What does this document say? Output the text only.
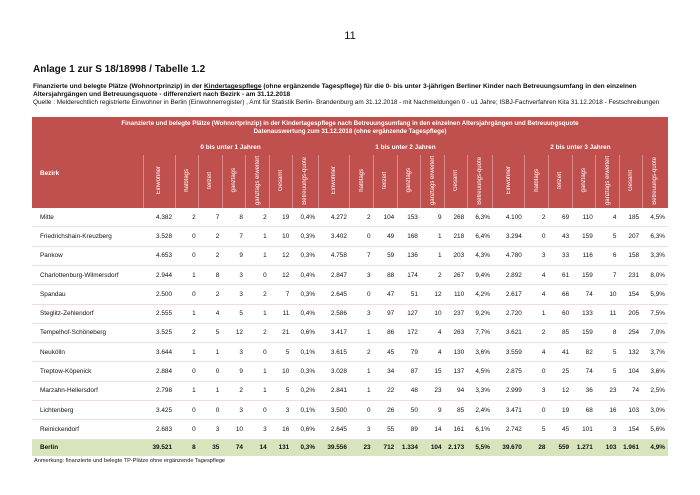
11
Anlage 1 zur S 18/18998 / Tabelle 1.2
Finanzierte und belegte Plätze (Wohnortprinzip) in der Kindertagespflege (ohne ergänzende Tagespflege) für die 0- bis unter 3-jährigen Berliner Kinder nach Betreuungsumfang in den einzelnen Altersjahrgängen und Betreuungsquote - differenziert nach Bezirk - am 31.12.2018
Quelle : Melderechtlich registrierte Einwohner in Berlin (Einwohnerregister) , Amt für Statistik Berlin- Brandenburg am 31.12.2018 - mit Nachmeldungen 0 - u1 Jahre; ISBJ-Fachverfahren Kita 31.12.2018 - Festschreibungen
Finanzierte und belegte Plätze (Wohnortprinzip) in der Kindertagespflege nach Betreuungsumfang in den einzelnen Altersjahrgängen und Betreuungsquote
Datenauswertung zum 31.12.2018 (ohne ergänzende Tagespflege)
Bezirk	0 bis unter 1 Jahren							1 bis unter 2 Jahren							2 bis unter 3 Jahren						
	Einwohner	halbtags	teilzeit	ganztags	ganztags erweitert	Gesamt	Betreuungs-quote	Einwohner	halbtags	teilzeit	ganztags	ganztags erweitert	Gesamt	Betreuungs-quote	Einwohner	halbtags	teilzeit	ganztags	ganztags erweitert	Gesamt	Betreuungs-quote
Mitte	4.382	2	7	8	2	19	0,4%	4.272	2	104	153	9	268	6,3%	4.100	2	69	110	4	185	4,5%
Friedrichshain-Kreuzberg	3.528	0	2	7	1	10	0,3%	3.402	0	49	168	1	218	6,4%	3.294	0	43	159	5	207	6,3%
Pankow	4.653	0	2	9	1	12	0,3%	4.758	7	59	136	1	203	4,3%	4.780	3	33	116	6	158	3,3%
Charlottenburg-Wilmersdorf	2.944	1	8	3	0	12	0,4%	2.847	3	88	174	2	267	9,4%	2.892	4	61	159	7	231	8,0%
Spandau	2.500	0	2	3	2	7	0,3%	2.645	0	47	51	12	110	4,2%	2.617	4	66	74	10	154	5,9%
Steglitz-Zehlendorf	2.555	1	4	5	1	11	0,4%	2.586	3	97	127	10	237	9,2%	2.720	1	60	133	11	205	7,5%
Tempelhof-Schöneberg	3.525	2	5	12	2	21	0,6%	3.417	1	86	172	4	263	7,7%	3.621	2	85	159	8	254	7,0%
Neukölln	3.644	1	1	3	0	5	0,1%	3.615	2	45	79	4	130	3,6%	3.559	4	41	82	5	132	3,7%
Treptow-Köpenick	2.884	0	0	9	1	10	0,3%	3.028	1	34	87	15	137	4,5%	2.875	0	25	74	5	104	3,6%
Marzahn-Hellersdorf	2.798	1	1	2	1	5	0,2%	2.841	1	22	48	23	94	3,3%	2.999	3	12	36	23	74	2,5%
Lichtenberg	3.425	0	0	3	0	3	0,1%	3.500	0	26	50	9	85	2,4%	3.471	0	19	68	16	103	3,0%
Reinickendorf	2.683	0	3	10	3	16	0,6%	2.645	3	55	89	14	161	6,1%	2.742	5	45	101	3	154	5,6%
Berlin	39.521	8	35	74	14	131	0,3%	39.556	23	712	1.334	104	2.173	5,5%	39.670	28	559	1.271	103	1.961	4,9%
Anmerkung: finanzierte und belegte TP-Plätze ohne ergänzende Tagespflege
